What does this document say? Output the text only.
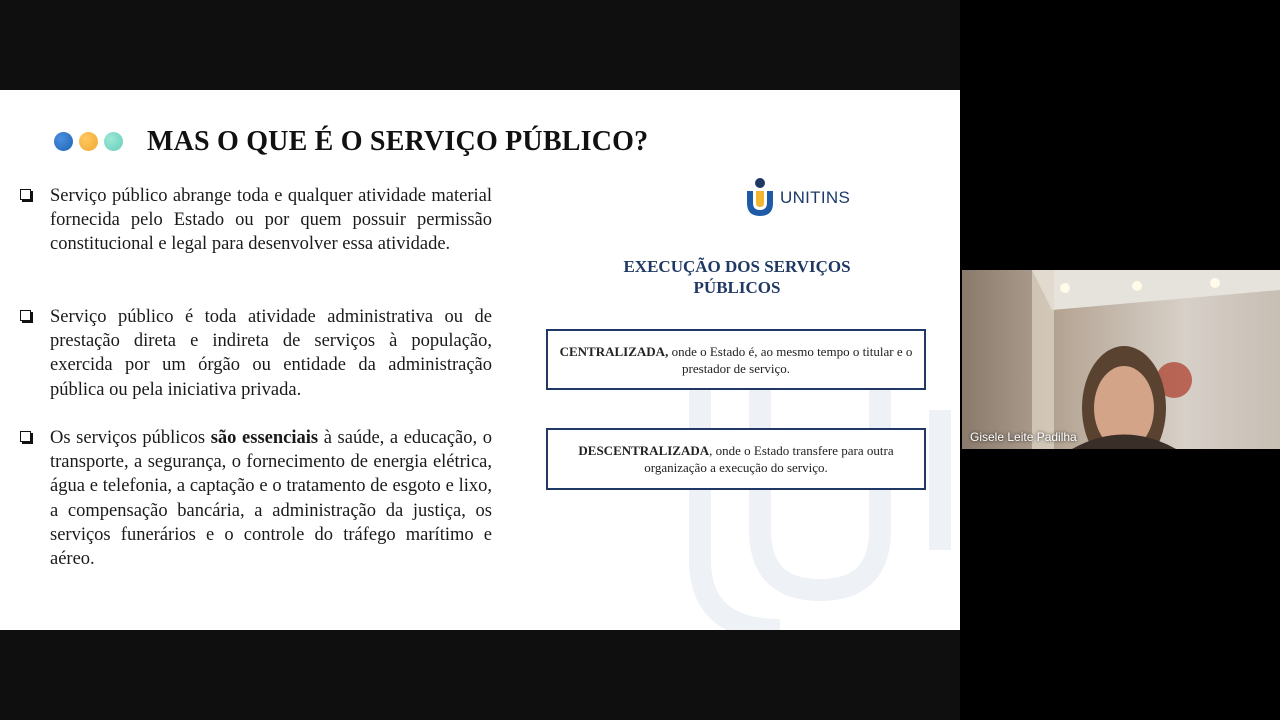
MAS O QUE É O SERVIÇO PÚBLICO?
Serviço público abrange toda e qualquer atividade material fornecida pelo Estado ou por quem possuir permissão constitucional e legal para desenvolver essa atividade.
Serviço público é toda atividade administrativa ou de prestação direta e indireta de serviços à população, exercida por um órgão ou entidade da administração pública ou pela iniciativa privada.
Os serviços públicos são essenciais à saúde, a educação, o transporte, a segurança, o fornecimento de energia elétrica, água e telefonia, a captação e o tratamento de esgoto e lixo, a compensação bancária, a administração da justiça, os serviços funerários e o controle do tráfego marítimo e aéreo.
UNITINS
EXECUÇÃO DOS SERVIÇOS
PÚBLICOS
CENTRALIZADA, onde o Estado é, ao mesmo tempo o titular e o prestador de serviço.
DESCENTRALIZADA, onde o Estado transfere para outra organização a execução do serviço.
Gisele Leite Padilha
